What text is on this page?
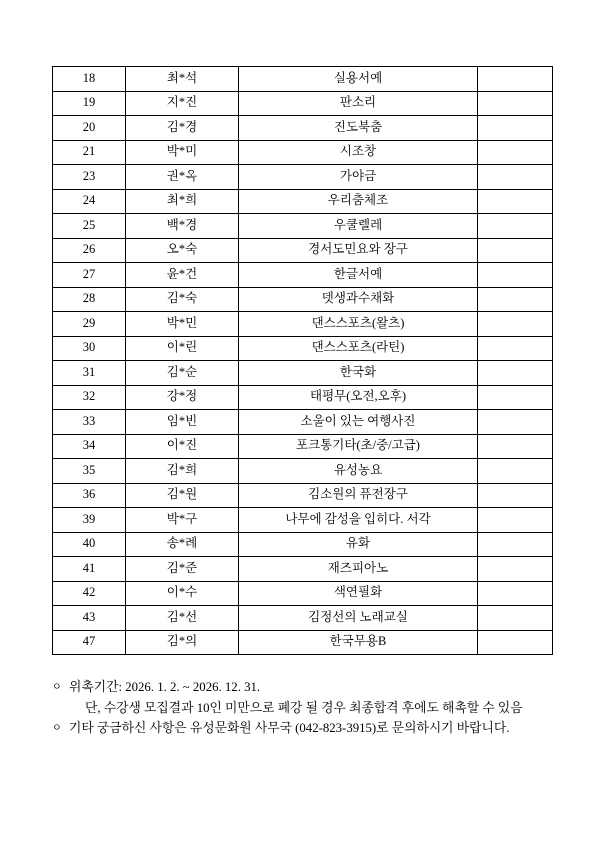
18	최*석	실용서예	
19	지*진	판소리	
20	김*경	진도북춤	
21	박*미	시조창	
23	권*옥	가야금	
24	최*희	우리춤체조	
25	백*경	우쿨렐레	
26	오*숙	경서도민요와 장구	
27	윤*건	한글서예	
28	김*숙	뎃생과수채화	
29	박*민	댄스스포츠(왈츠)	
30	이*린	댄스스포츠(라틴)	
31	김*순	한국화	
32	강*정	태평무(오전,오후)	
33	임*빈	소울이 있는 여행사진	
34	이*진	포크통기타(초/중/고급)	
35	김*희	유성농요	
36	김*원	김소원의 퓨전장구	
39	박*구	나무에 감성을 입히다. 서각	
40	송*례	유화	
41	김*준	재즈피아노	
42	이*수	색연필화	
43	김*선	김정선의 노래교실	
47	김*의	한국무용B	
ㅇ 위촉기간: 2026. 1. 2. ~ 2026. 12. 31.
단, 수강생 모집결과 10인 미만으로 폐강 될 경우 최종합격 후에도 해촉할 수 있음
ㅇ 기타 궁금하신 사항은 유성문화원 사무국 (042-823-3915)로 문의하시기 바랍니다.
